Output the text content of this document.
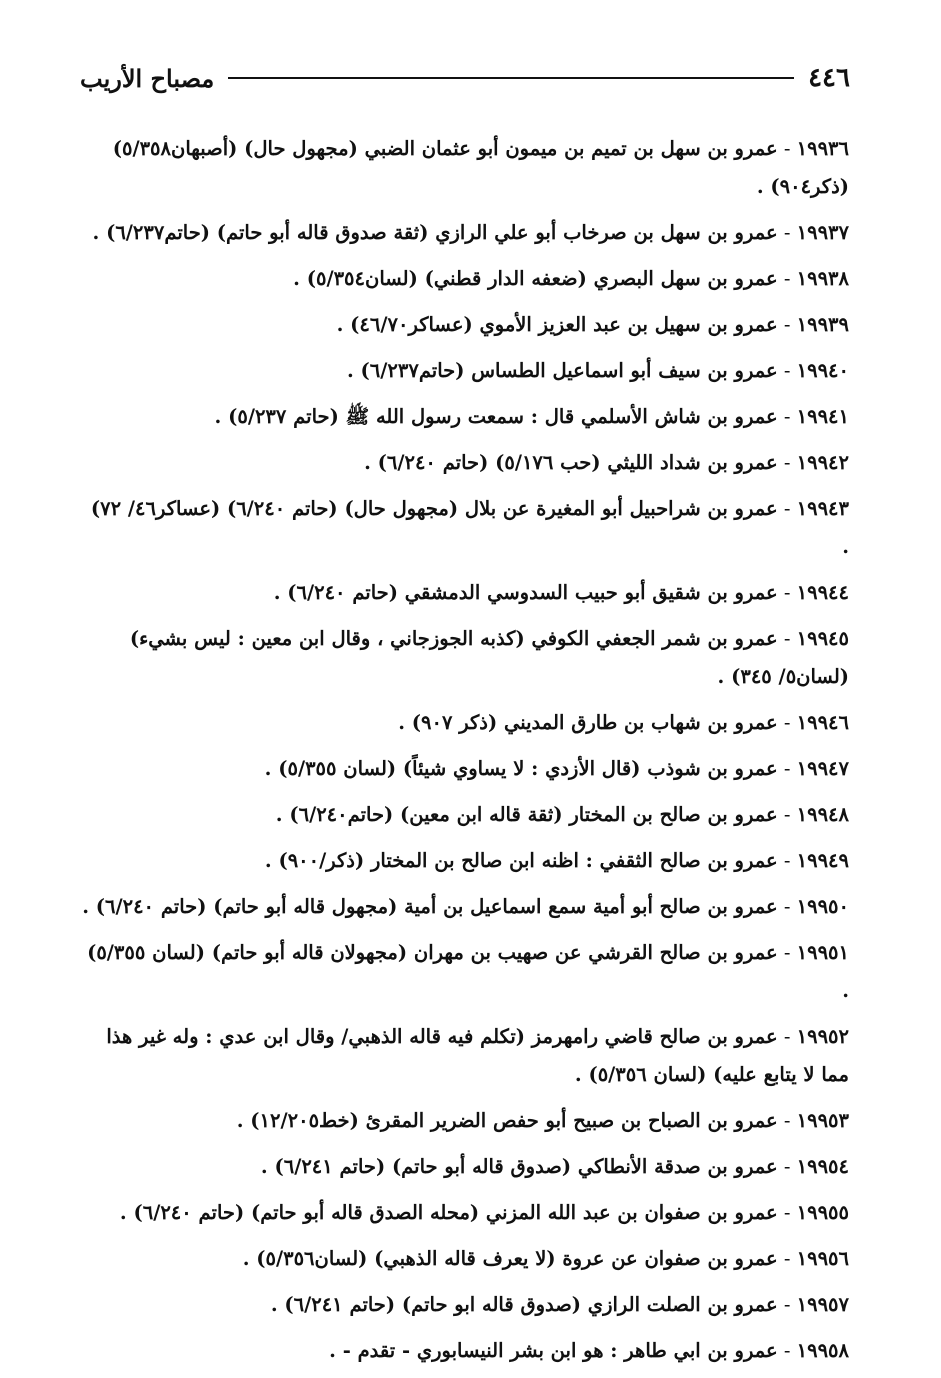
٤٤٦
مصباح الأريب

١٩٩٣٦ - عمرو بن سهل بن تميم بن ميمون أبو عثمان الضبي (مجهول حال) (أصبهان٥/٣٥٨) (ذكر٩٠٤) .

١٩٩٣٧ - عمرو بن سهل بن صرخاب أبو علي الرازي (ثقة صدوق قاله أبو حاتم) (حاتم٦/٢٣٧) .

١٩٩٣٨ - عمرو بن سهل البصري (ضعفه الدار قطني) (لسان٥/٣٥٤) .

١٩٩٣٩ - عمرو بن سهيل بن عبد العزيز الأموي (عساكر٤٦/٧٠) .

١٩٩٤٠ - عمرو بن سيف أبو اسماعيل الطساس (حاتم٦/٢٣٧) .

١٩٩٤١ - عمرو بن شاش الأسلمي قال : سمعت رسول الله ﷺ (حاتم ٥/٢٣٧) .

١٩٩٤٢ - عمرو بن شداد الليثي (حب ٥/١٧٦) (حاتم ٦/٢٤٠) .

١٩٩٤٣ - عمرو بن شراحبيل أبو المغيرة عن بلال (مجهول حال) (حاتم ٦/٢٤٠) (عساكر٤٦/ ٧٢) .

١٩٩٤٤ - عمرو بن شقيق أبو حبيب السدوسي الدمشقي (حاتم ٦/٢٤٠) .

١٩٩٤٥ - عمرو بن شمر الجعفي الكوفي (كذبه الجوزجاني ، وقال ابن معين : ليس بشيء) (لسان٥/ ٣٤٥) .

١٩٩٤٦ - عمرو بن شهاب بن طارق المديني (ذكر ٩٠٧) .

١٩٩٤٧ - عمرو بن شوذب (قال الأزدي : لا يساوي شيئاً) (لسان ٥/٣٥٥) .

١٩٩٤٨ - عمرو بن صالح بن المختار (ثقة قاله ابن معين) (حاتم٦/٢٤٠) .

١٩٩٤٩ - عمرو بن صالح الثقفي : اظنه ابن صالح بن المختار (ذكر/٩٠٠) .

١٩٩٥٠ - عمرو بن صالح أبو أمية سمع اسماعيل بن أمية (مجهول قاله أبو حاتم) (حاتم ٦/٢٤٠) .

١٩٩٥١ - عمرو بن صالح القرشي عن صهيب بن مهران (مجهولان قاله أبو حاتم) (لسان ٥/٣٥٥) .

١٩٩٥٢ - عمرو بن صالح قاضي رامهرمز (تكلم فيه قاله الذهبي/ وقال ابن عدي : وله غير هذا مما لا يتابع عليه) (لسان ٥/٣٥٦) .

١٩٩٥٣ - عمرو بن الصباح بن صبيح أبو حفص الضرير المقرئ (خط١٢/٢٠٥) .

١٩٩٥٤ - عمرو بن صدقة الأنطاكي (صدوق قاله أبو حاتم) (حاتم ٦/٢٤١) .

١٩٩٥٥ - عمرو بن صفوان بن عبد الله المزني (محله الصدق قاله أبو حاتم) (حاتم ٦/٢٤٠) .

١٩٩٥٦ - عمرو بن صفوان عن عروة (لا يعرف قاله الذهبي) (لسان٥/٣٥٦) .

١٩٩٥٧ - عمرو بن الصلت الرازي (صدوق قاله ابو حاتم) (حاتم ٦/٢٤١) .

١٩٩٥٨ - عمرو بن ابي طاهر : هو ابن بشر النيسابوري - تقدم - .
